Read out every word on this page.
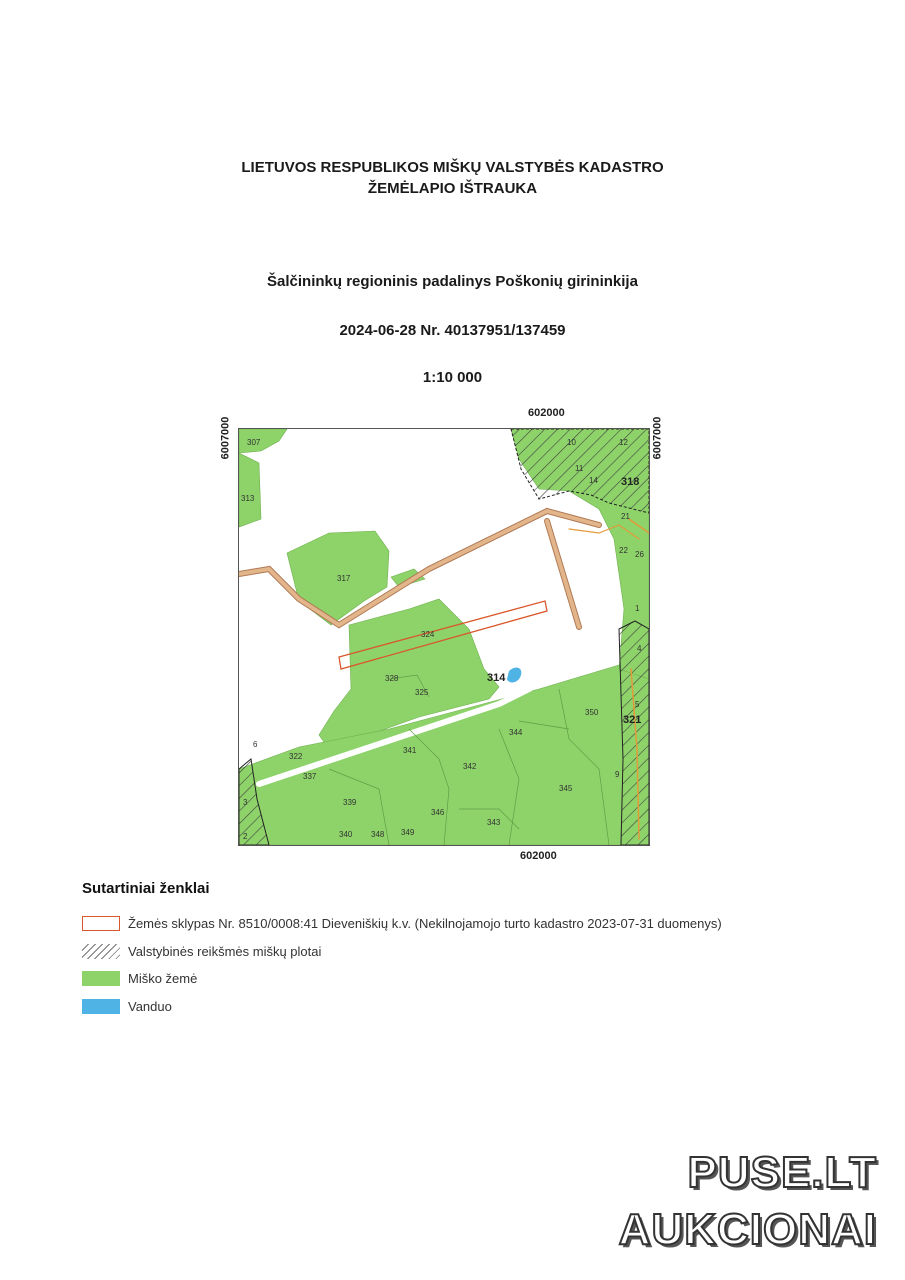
LIETUVOS RESPUBLIKOS MIŠKŲ VALSTYBĖS KADASTRO
ŽEMĖLAPIO IŠTRAUKA
Šalčininkų regioninis padalinys Poškonių girininkija
2024-06-28 Nr. 40137951/137459
1:10 000
602000
602000
6007000	6007000
318
314
321
307
313
317
324
328
325
322
337
339
340 348 349
341
342
346
343
344
350
345
9
10
11
12
14
21
22 26
1
4
5
6
3
2
Sutartiniai ženklai
Žemės sklypas Nr. 8510/0008:41 Dieveniškių k.v. (Nekilnojamojo turto kadastro 2023-07-31 duomenys)
Valstybinės reikšmės miškų plotai
Miško žemė
Vanduo
PUSE.LT
AUKCIONAI
